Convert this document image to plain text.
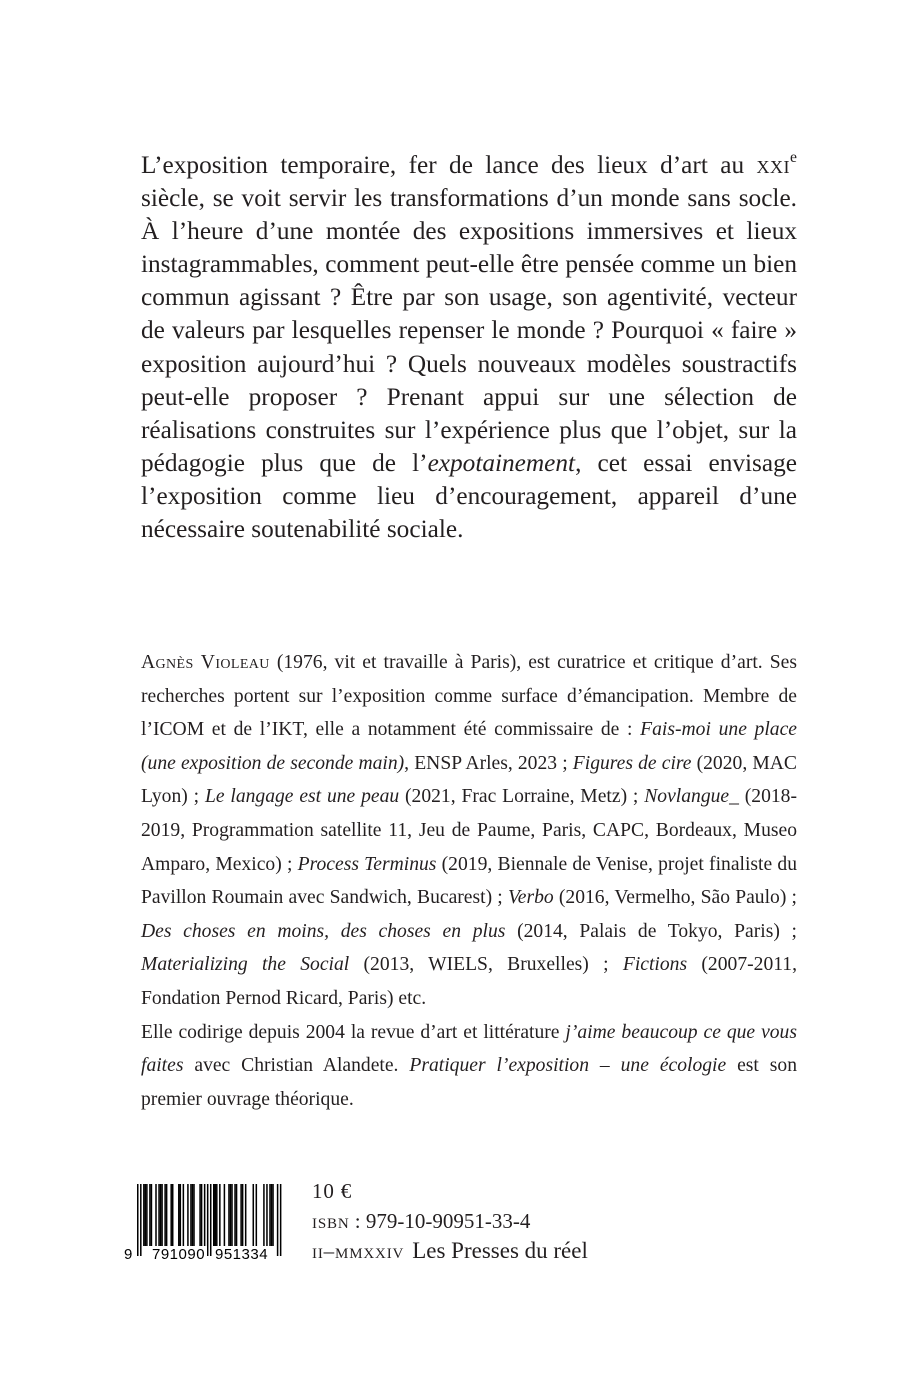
L’exposition temporaire, fer de lance des lieux d’art au xxi$^e$ siècle, se voit servir les transformations d’un monde sans socle. À l’heure d’une montée des expositions immersives et lieux instagrammables, comment peut-elle être pensée comme un bien commun agissant ? Être par son usage, son agentivité, vecteur de valeurs par lesquelles repenser le monde ? Pourquoi « faire » exposition aujourd’hui ? Quels nouveaux modèles soustractifs peut-elle proposer ? Prenant appui sur une sélection de réalisations construites sur l’expérience plus que l’objet, sur la pédagogie plus que de l’expotainement, cet essai envisage l’exposition comme lieu d’encouragement, appareil d’une nécessaire soutenabilité sociale.

Agnès Violeau (1976, vit et travaille à Paris), est curatrice et critique d’art. Ses recherches portent sur l’exposition comme surface d’émancipation. Membre de l’ICOM et de l’IKT, elle a notamment été commissaire de : Fais-moi une place (une exposition de seconde main), ENSP Arles, 2023 ; Figures de cire (2020, MAC Lyon) ; Le langage est une peau (2021, Frac Lorraine, Metz) ; Novlangue_ (2018-2019, Programmation satellite 11, Jeu de Paume, Paris, CAPC, Bordeaux, Museo Amparo, Mexico) ; Process Terminus (2019, Biennale de Venise, projet finaliste du Pavillon Roumain avec Sandwich, Bucarest) ; Verbo (2016, Vermelho, São Paulo) ; Des choses en moins, des choses en plus (2014, Palais de Tokyo, Paris) ; Materializing the Social (2013, WIELS, Bruxelles) ; Fictions (2007-2011, Fondation Pernod Ricard, Paris) etc.

Elle codirige depuis 2004 la revue d’art et littérature j’aime beaucoup ce que vous faites avec Christian Alandete. Pratiquer l’exposition – une écologie est son premier ouvrage théorique.

9 791090 951334
10 €
isbn : 979-10-90951-33-4
ii–mmxxiv Les Presses du réel
